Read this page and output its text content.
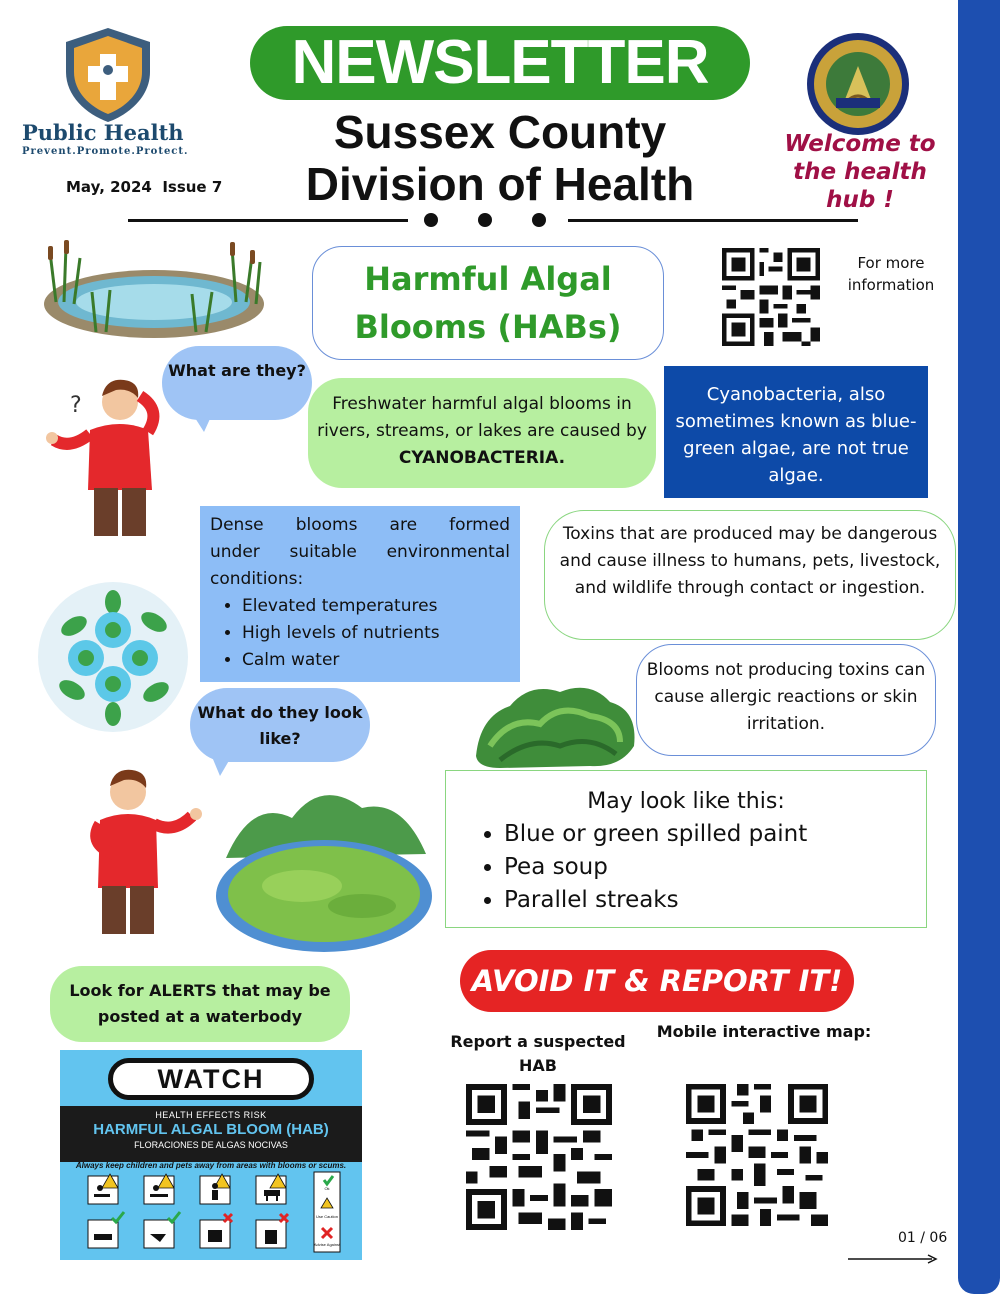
Public Health
Prevent.Promote.Protect.
May, 2024  Issue 7
NEWSLETTER
Sussex County
Division of Health
Welcome to the health hub !
Harmful Algal Blooms (HABs)
For more information
?
What are they?
Freshwater harmful algal blooms in rivers, streams, or lakes are caused by CYANOBACTERIA.
Cyanobacteria, also sometimes known as blue-green algae, are not true algae.
Dense blooms are formed
under suitable environmental
conditions:
• Elevated temperatures
• High levels of nutrients
• Calm water
Toxins that are produced may be dangerous and cause illness to humans, pets, livestock, and wildlife through contact or ingestion.
Blooms not producing toxins can cause allergic reactions or skin irritation.
What do they look like?
May look like this:
• Blue or green spilled paint
• Pea soup
• Parallel streaks
AVOID IT & REPORT IT!
Report a suspected HAB
Mobile interactive map:
Look for ALERTS that may be posted at a waterbody
WATCH
HEALTH EFFECTS RISK
HARMFUL ALGAL BLOOM (HAB)
FLORACIONES DE ALGAS NOCIVAS
Always keep children and pets away from areas with blooms or scums.
Ok
Use Caution
Advise Against	01 / 06
